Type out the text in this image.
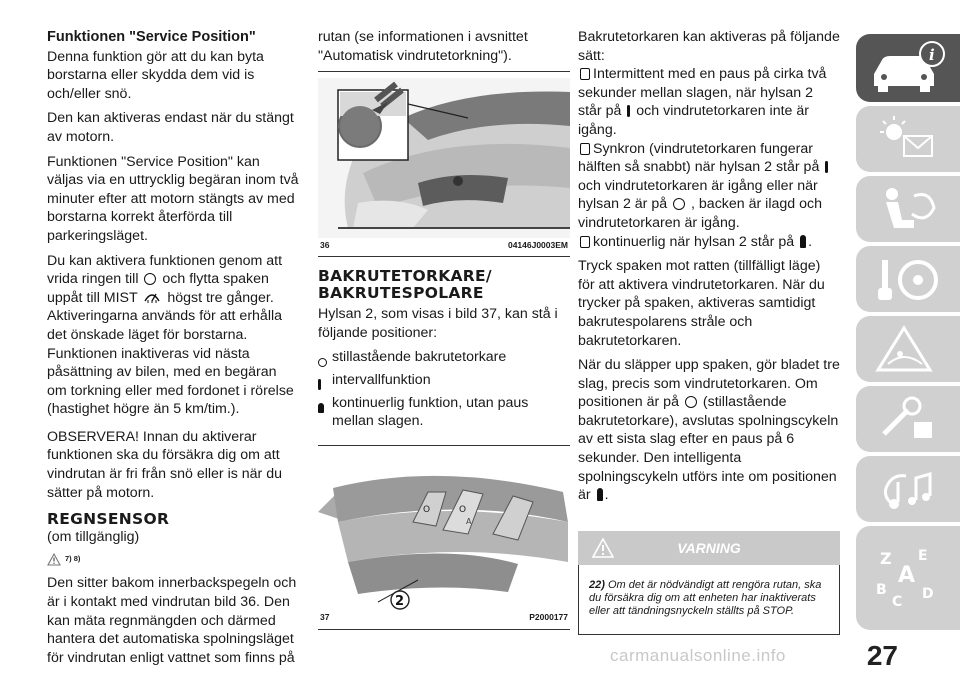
Funktionen "Service Position"

Denna funktion gör att du kan byta borstarna eller skydda dem vid is och/eller snö.

Den kan aktiveras endast när du stängt av motorn.

Funktionen "Service Position" kan väljas via en uttrycklig begäran inom två minuter efter att motorn stängts av med borstarna korrekt återförda till parkeringsläget.

Du kan aktivera funktionen genom att vrida ringen till och flytta spaken uppåt till MIST högst tre gånger. Aktiveringarna används för att erhålla det önskade läget för borstarna. Funktionen inaktiveras vid nästa påsättning av bilen, med en begäran om torkning eller med fordonet i rörelse (hastighet högre än 5 km/tim.).

OBSERVERA! Innan du aktiverar funktionen ska du försäkra dig om att vindrutan är fri från snö eller is när du sätter på motorn.

REGNSENSOR
(om tillgänglig)
7) 8)

Den sitter bakom innerbackspegeln och är i kontakt med vindrutan bild 36. Den kan mäta regnmängden och därmed hantera det automatiska spolningsläget för vindrutan enligt vattnet som finns på

rutan (se informationen i avsnittet "Automatisk vindrutetorkning").

36	04146J0003EM
BAKRUTETORKARE/
BAKRUTESPOLARE

Hylsan 2, som visas i bild 37, kan stå i följande positioner:

stillastående bakrutetorkare
intervallfunktion
kontinuerlig funktion, utan paus mellan slagen.
O	O
A
2
37	P2000177

Bakrutetorkaren kan aktiveras på följande sätt:

Intermittent med en paus på cirka två sekunder mellan slagen, när hylsan 2 står på och vindrutetorkaren inte är igång.
Synkron (vindrutetorkaren fungerar hälften så snabbt) när hylsan 2 står på  och vindrutetorkaren är igång eller när hylsan 2 är på , backen är ilagd och vindrutetorkaren är igång.
kontinuerlig när hylsan 2 står på .

Tryck spaken mot ratten (tillfälligt läge) för att aktivera vindrutetorkaren. När du trycker på spaken, aktiveras samtidigt bakrutespolarens stråle och bakrutetorkaren.

När du släpper upp spaken, gör bladet tre slag, precis som vindrutetorkaren. Om positionen är på (stillastående bakrutetorkare), avslutas spolningscykeln av ett sista slag efter en paus på 6 sekunder. Den intelligenta spolningscykeln utförs inte om positionen är .

VARNING
22) Om det är nödvändigt att rengöra rutan, ska du försäkra dig om att enheten har inaktiverats eller att tändningsnyckeln ställts på STOP.
i
Z E
A
B
C D
27
carmanualsonline.info
